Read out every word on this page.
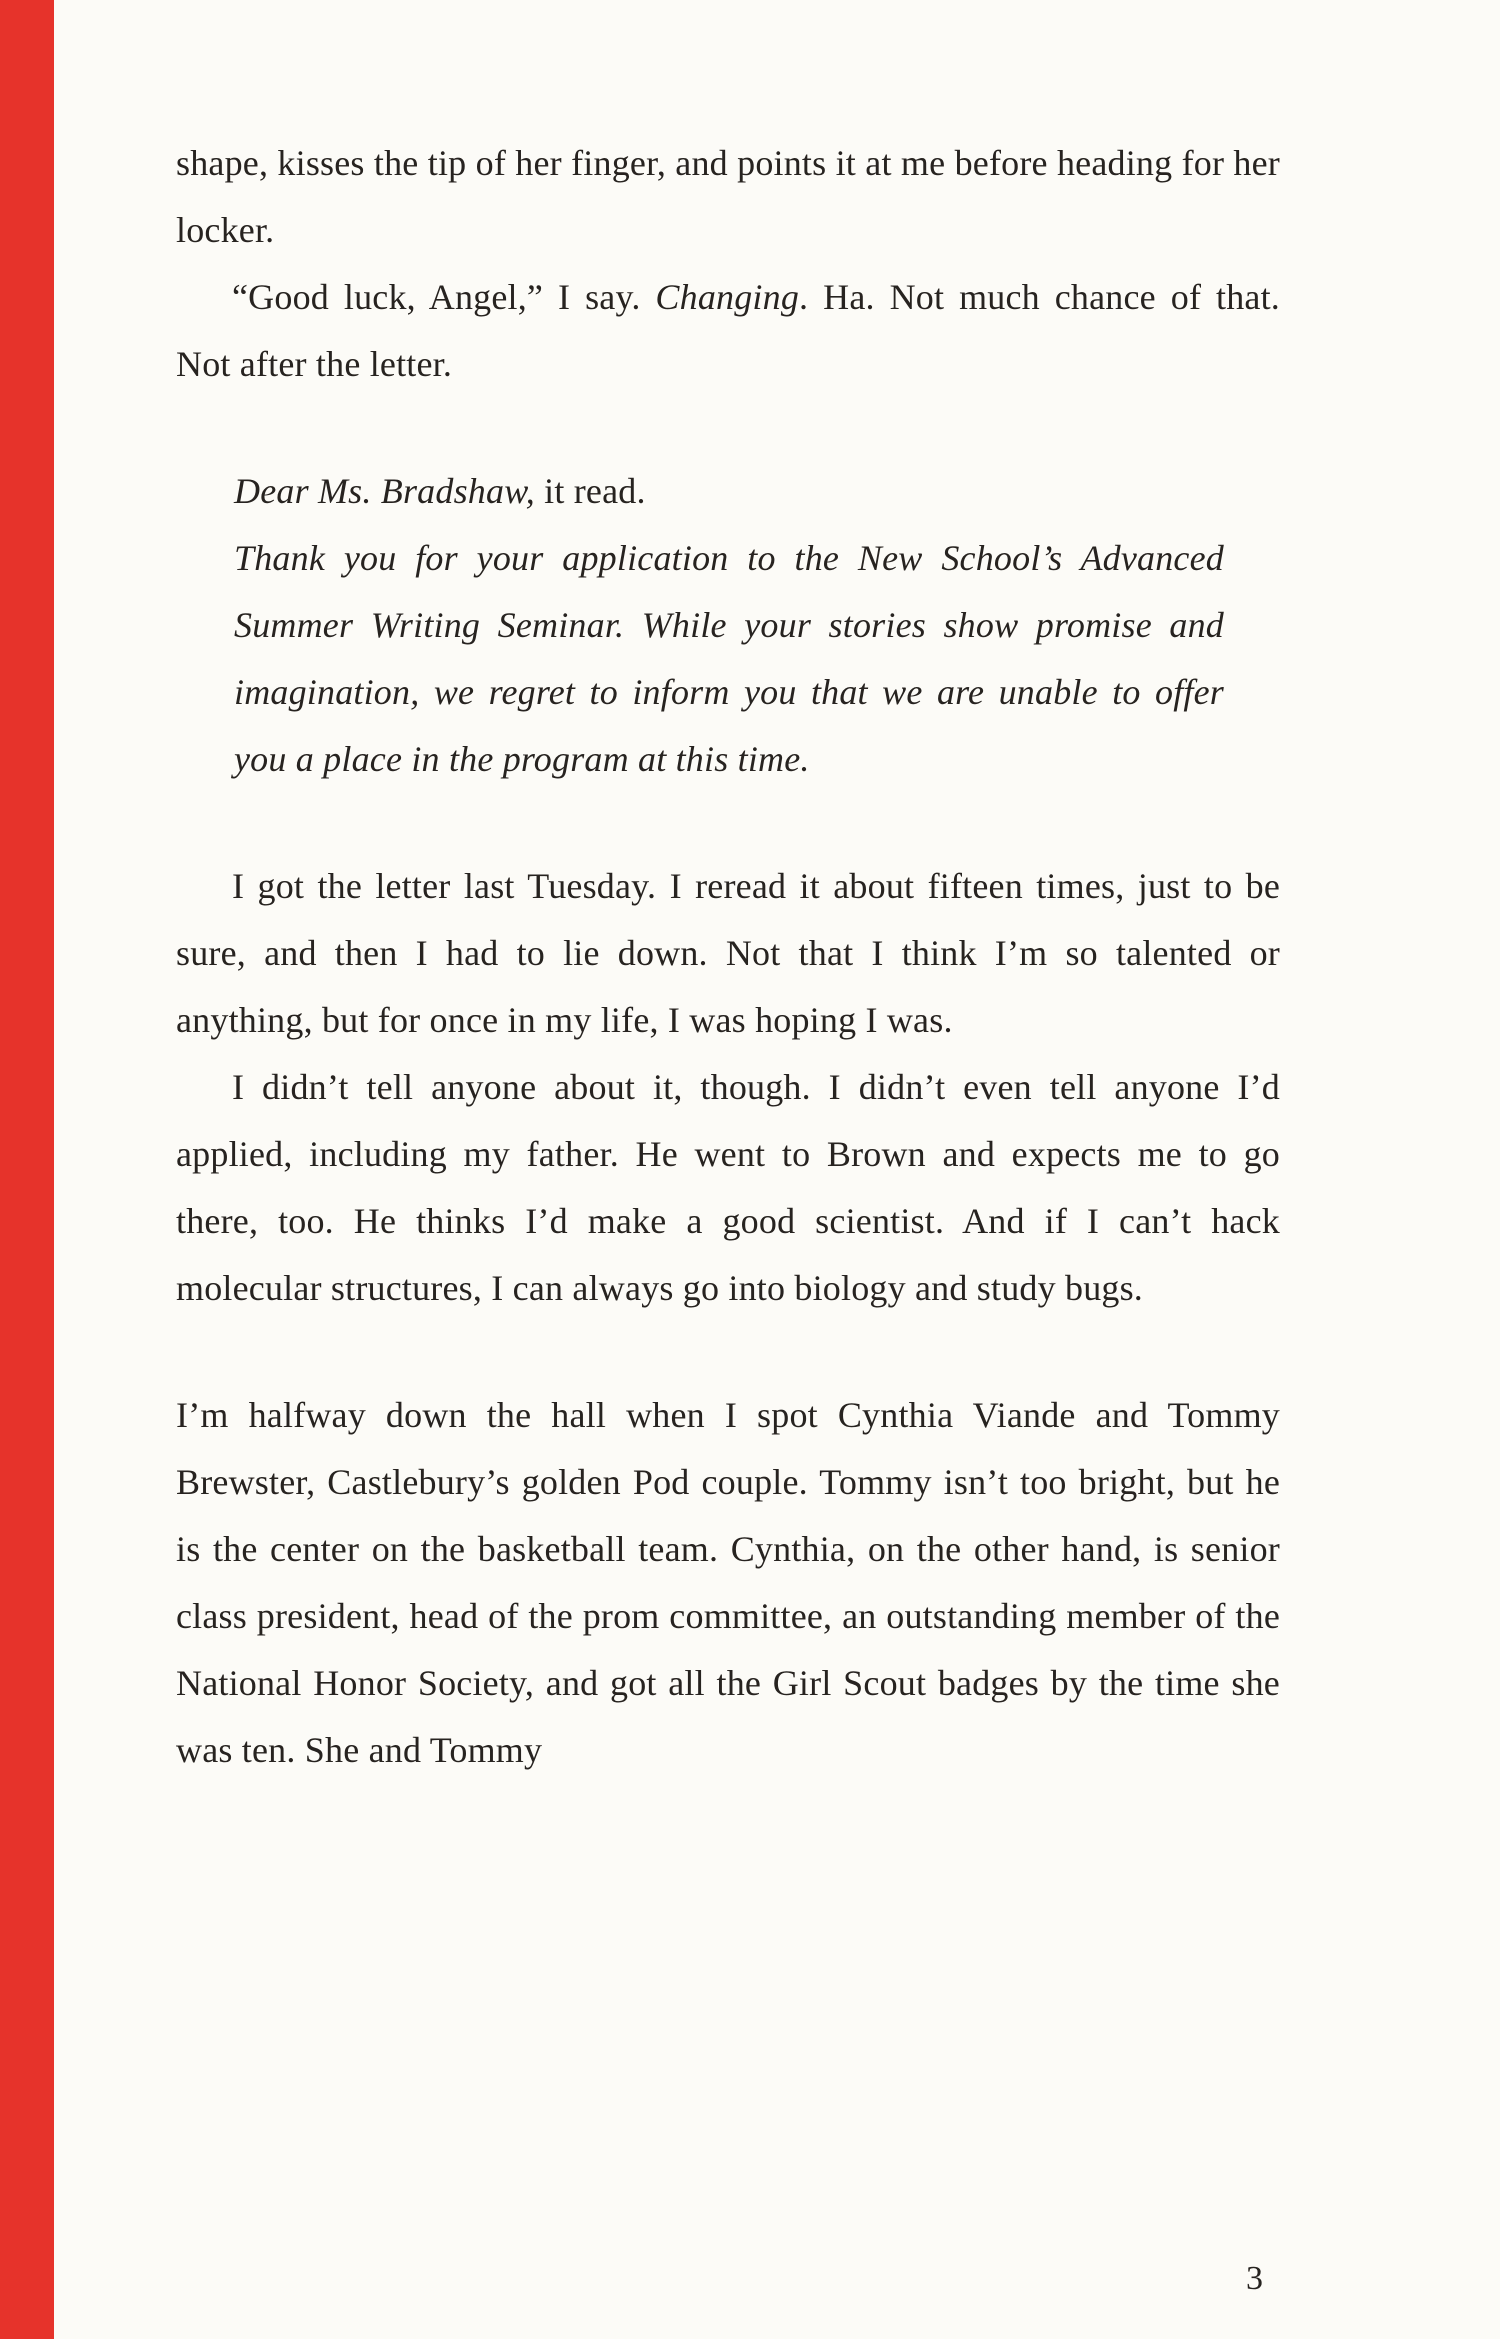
shape, kisses the tip of her finger, and points it at me before heading for her locker.

“Good luck, Angel,” I say. Changing. Ha. Not much chance of that. Not after the letter.

Dear Ms. Bradshaw, it read.

Thank you for your application to the New School’s Advanced Summer Writing Seminar. While your stories show promise and imagination, we regret to inform you that we are unable to offer you a place in the program at this time.

I got the letter last Tuesday. I reread it about fifteen times, just to be sure, and then I had to lie down. Not that I think I’m so talented or anything, but for once in my life, I was hoping I was.

I didn’t tell anyone about it, though. I didn’t even tell anyone I’d applied, including my father. He went to Brown and expects me to go there, too. He thinks I’d make a good scientist. And if I can’t hack molecular structures, I can always go into biology and study bugs.

I’m halfway down the hall when I spot Cynthia Viande and Tommy Brewster, Castlebury’s golden Pod couple. Tommy isn’t too bright, but he is the center on the basketball team. Cynthia, on the other hand, is senior class president, head of the prom committee, an outstanding member of the National Honor Society, and got all the Girl Scout badges by the time she was ten. She and Tommy

3
